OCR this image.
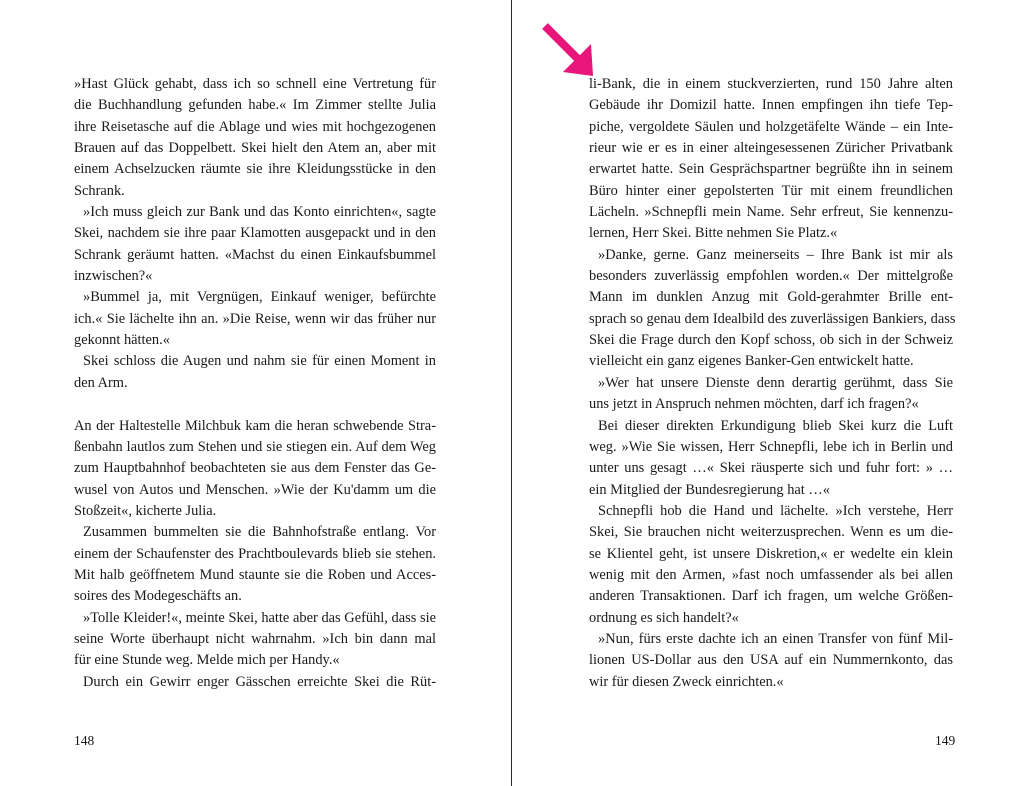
»Hast Glück gehabt, dass ich so schnell eine Vertretung für
die Buchhandlung gefunden habe.« Im Zimmer stellte Julia
ihre Reisetasche auf die Ablage und wies mit hochgezogenen
Brauen auf das Doppelbett. Skei hielt den Atem an, aber mit
einem Achselzucken räumte sie ihre Kleidungsstücke in den
Schrank.
»Ich muss gleich zur Bank und das Konto einrichten«, sagte
Skei, nachdem sie ihre paar Klamotten ausgepackt und in den
Schrank geräumt hatten. «Machst du einen Einkaufsbummel
inzwischen?«
»Bummel ja, mit Vergnügen, Einkauf weniger, befürchte
ich.« Sie lächelte ihn an. »Die Reise, wenn wir das früher nur
gekonnt hätten.«
Skei schloss die Augen und nahm sie für einen Moment in
den Arm.
An der Haltestelle Milchbuk kam die heran schwebende Stra-
ßenbahn lautlos zum Stehen und sie stiegen ein. Auf dem Weg
zum Hauptbahnhof beobachteten sie aus dem Fenster das Ge-
wusel von Autos und Menschen. »Wie der Ku'damm um die
Stoßzeit«, kicherte Julia.
Zusammen bummelten sie die Bahnhofstraße entlang. Vor
einem der Schaufenster des Prachtboulevards blieb sie stehen.
Mit halb geöffnetem Mund staunte sie die Roben und Acces-
soires des Modegeschäfts an.
»Tolle Kleider!«, meinte Skei, hatte aber das Gefühl, dass sie
seine Worte überhaupt nicht wahrnahm. »Ich bin dann mal
für eine Stunde weg. Melde mich per Handy.«
Durch ein Gewirr enger Gässchen erreichte Skei die Rüt-
148
li-Bank, die in einem stuckverzierten, rund 150 Jahre alten
Gebäude ihr Domizil hatte. Innen empfingen ihn tiefe Tep-
piche, vergoldete Säulen und holzgetäfelte Wände – ein Inte-
rieur wie er es in einer alteingesessenen Züricher Privatbank
erwartet hatte. Sein Gesprächspartner begrüßte ihn in seinem
Büro hinter einer gepolsterten Tür mit einem freundlichen
Lächeln. »Schnepfli mein Name. Sehr erfreut, Sie kennenzu-
lernen, Herr Skei. Bitte nehmen Sie Platz.«
»Danke, gerne. Ganz meinerseits – Ihre Bank ist mir als
besonders zuverlässig empfohlen worden.« Der mittelgroße
Mann im dunklen Anzug mit Gold-gerahmter Brille ent-
sprach so genau dem Idealbild des zuverlässigen Bankiers, dass
Skei die Frage durch den Kopf schoss, ob sich in der Schweiz
vielleicht ein ganz eigenes Banker-Gen entwickelt hatte.
»Wer hat unsere Dienste denn derartig gerühmt, dass Sie
uns jetzt in Anspruch nehmen möchten, darf ich fragen?«
Bei dieser direkten Erkundigung blieb Skei kurz die Luft
weg. »Wie Sie wissen, Herr Schnepfli, lebe ich in Berlin und
unter uns gesagt …« Skei räusperte sich und fuhr fort: » …
ein Mitglied der Bundesregierung hat …«
Schnepfli hob die Hand und lächelte. »Ich verstehe, Herr
Skei, Sie brauchen nicht weiterzusprechen. Wenn es um die-
se Klientel geht, ist unsere Diskretion,« er wedelte ein klein
wenig mit den Armen, »fast noch umfassender als bei allen
anderen Transaktionen. Darf ich fragen, um welche Größen-
ordnung es sich handelt?«
»Nun, fürs erste dachte ich an einen Transfer von fünf Mil-
lionen US-Dollar aus den USA auf ein Nummernkonto, das
wir für diesen Zweck einrichten.«
149
